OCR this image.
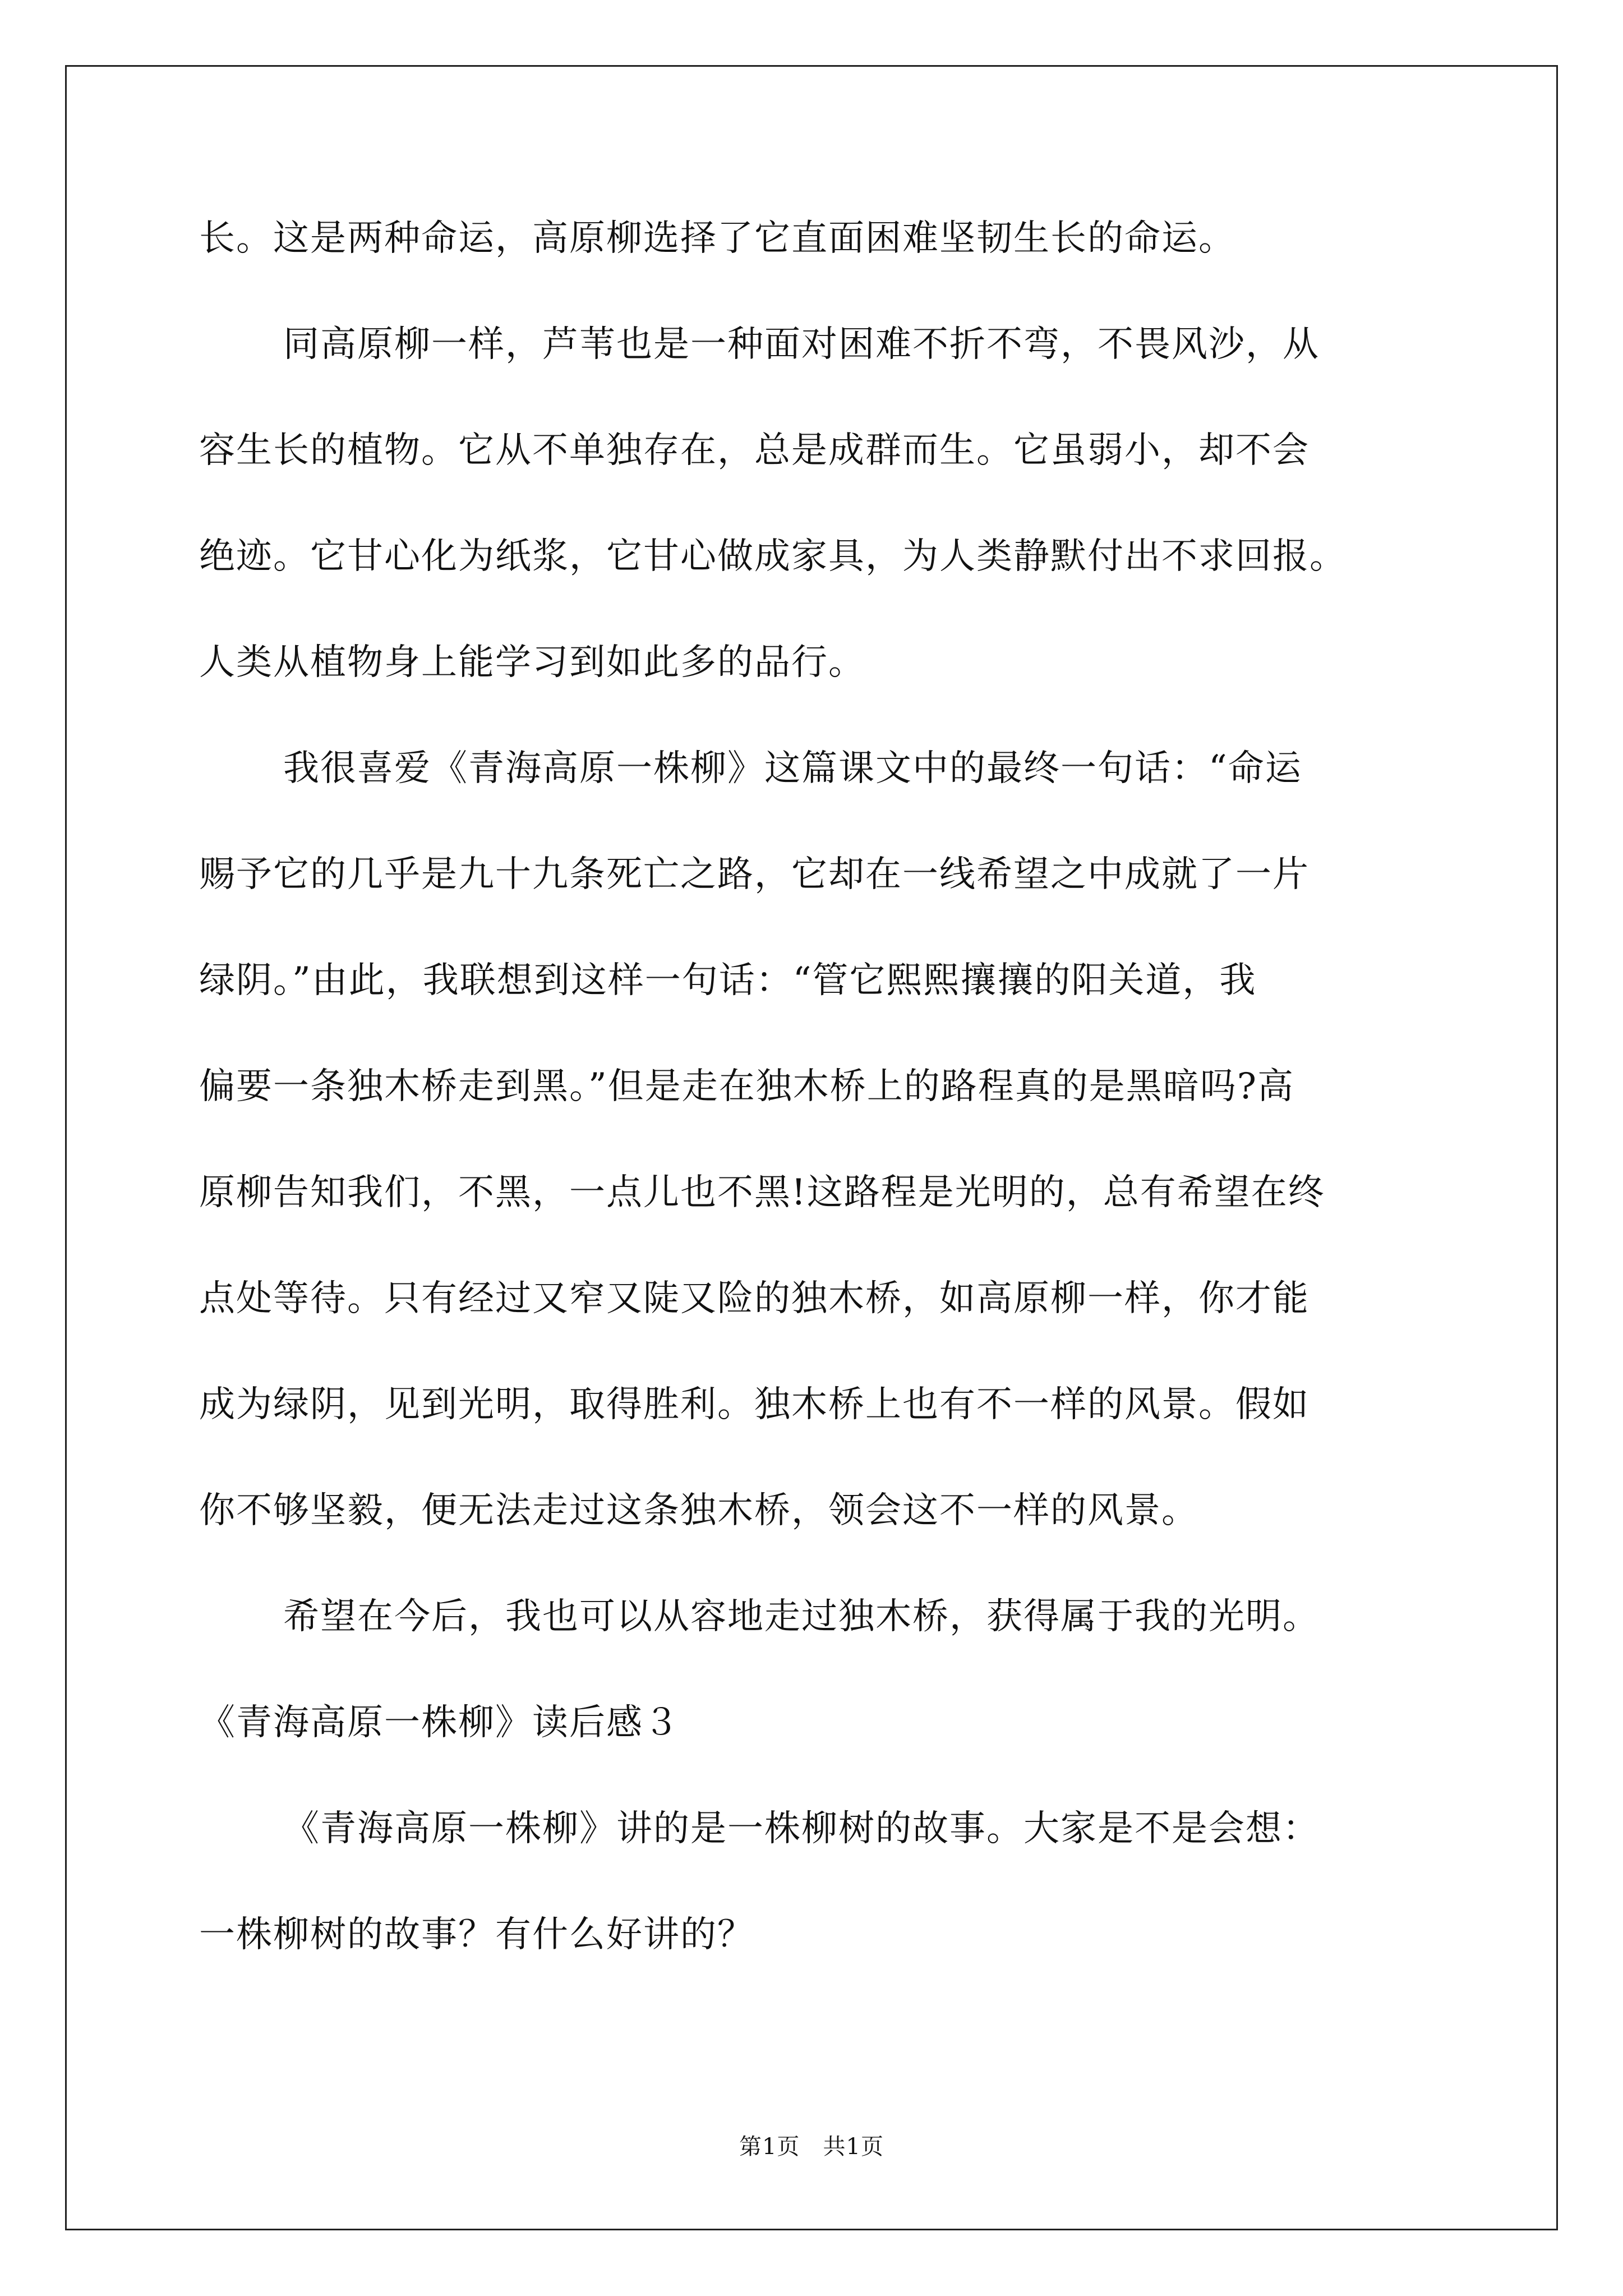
长。这是两种命运，高原柳选择了它直面困难坚韧生长的命运。
同高原柳一样，芦苇也是一种面对困难不折不弯，不畏风沙，从
容生长的植物。它从不单独存在，总是成群而生。它虽弱小，却不会
绝迹。它甘心化为纸浆，它甘心做成家具，为人类静默付出不求回报。
人类从植物身上能学习到如此多的品行。
我很喜爱《青海高原一株柳》这篇课文中的最终一句话：“命运
赐予它的几乎是九十九条死亡之路，它却在一线希望之中成就了一片
绿阴。”由此，我联想到这样一句话：“管它熙熙攘攘的阳关道，我
偏要一条独木桥走到黑。”但是走在独木桥上的路程真的是黑暗吗?高
原柳告知我们，不黑，一点儿也不黑!这路程是光明的，总有希望在终
点处等待。只有经过又窄又陡又险的独木桥，如高原柳一样，你才能
成为绿阴，见到光明，取得胜利。独木桥上也有不一样的风景。假如
你不够坚毅，便无法走过这条独木桥，领会这不一样的风景。
希望在今后，我也可以从容地走过独木桥，获得属于我的光明。
《青海高原一株柳》读后感３
《青海高原一株柳》讲的是一株柳树的故事。大家是不是会想：
一株柳树的故事？有什么好讲的？
第1页   共1页
